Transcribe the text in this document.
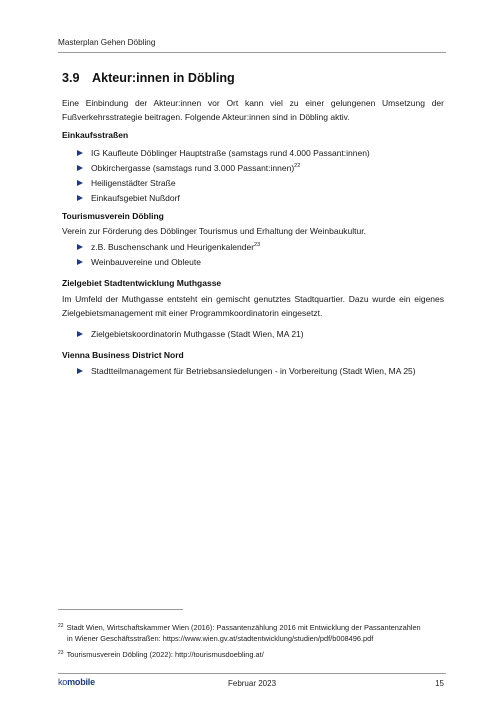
Masterplan Gehen Döbling
3.9 Akteur:innen in Döbling

Eine Einbindung der Akteur:innen vor Ort kann viel zu einer gelungenen Umsetzung der Fußverkehrsstrategie beitragen. Folgende Akteur:innen sind in Döbling aktiv.

Einkaufsstraßen
IG Kaufleute Döblinger Hauptstraße (samstags rund 4.000 Passant:innen)
Obkirchergasse (samstags rund 3.000 Passant:innen)$^{22}$
Heiligenstädter Straße
Einkaufsgebiet Nußdorf
Tourismusverein Döbling

Verein zur Förderung des Döblinger Tourismus und Erhaltung der Weinbaukultur.

z.B. Buschenschank und Heurigenkalender$^{23}$
Weinbauvereine und Obleute
Zielgebiet Stadtentwicklung Muthgasse

Im Umfeld der Muthgasse entsteht ein gemischt genutztes Stadtquartier. Dazu wurde ein eigenes Zielgebietsmanagement mit einer Programmkoordinatorin eingesetzt.

Zielgebietskoordinatorin Muthgasse (Stadt Wien, MA 21)
Vienna Business District Nord
Stadtteilmanagement für Betriebsansiedelungen - in Vorbereitung (Stadt Wien, MA 25)
$^{22}$ Stadt Wien, Wirtschaftskammer Wien (2016): Passantenzählung 2016 mit Entwicklung der Passantenzahlen
in Wiener Geschäftsstraßen: https://www.wien.gv.at/stadtentwicklung/studien/pdf/b008496.pdf
$^{23}$ Tourismusverein Döbling (2022): http://tourismusdoebling.at/
komobile	Februar 2023	15
